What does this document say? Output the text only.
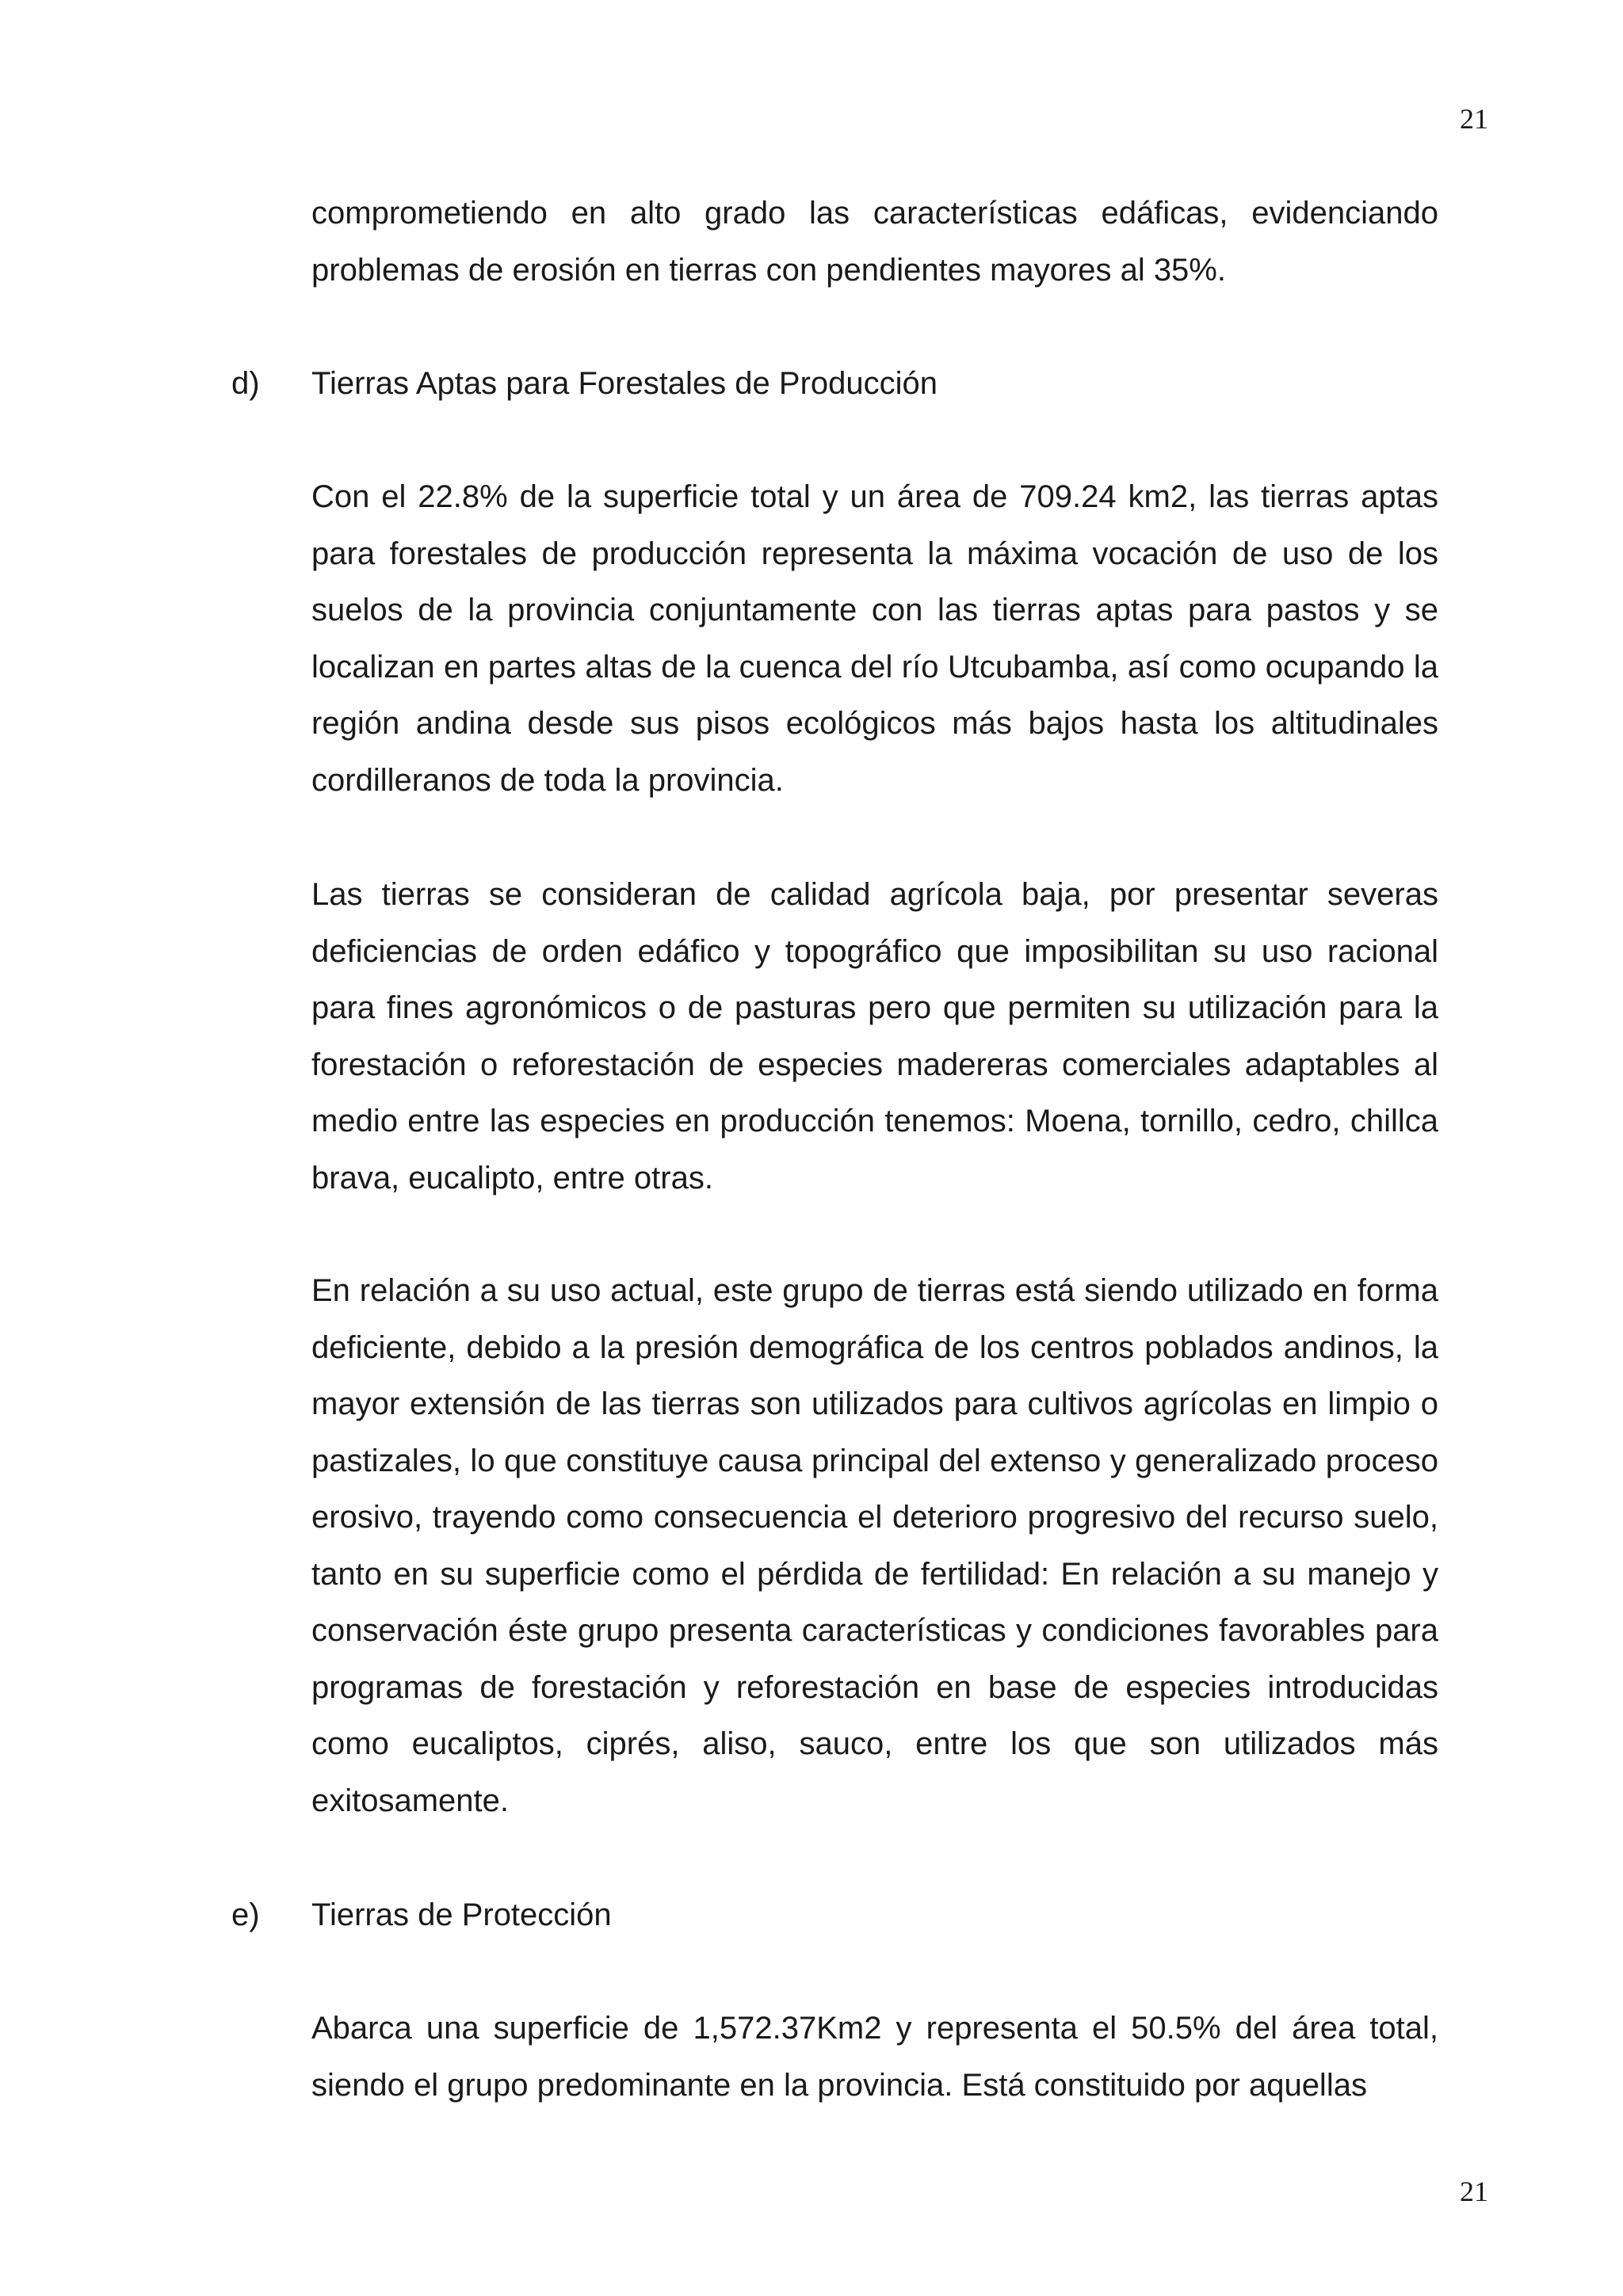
21

comprometiendo en alto grado las características edáficas, evidenciando problemas de erosión en tierras con pendientes mayores al 35%.

d) Tierras Aptas para Forestales de Producción

Con el 22.8% de la superficie total y un área de 709.24 km2, las tierras aptas para forestales de producción representa la máxima vocación de uso de los suelos de la provincia conjuntamente con las tierras aptas para pastos y se localizan en partes altas de la cuenca del río Utcubamba, así como ocupando la región andina desde sus pisos ecológicos más bajos hasta los altitudinales cordilleranos de toda la provincia.

Las tierras se consideran de calidad agrícola baja, por presentar severas deficiencias de orden edáfico y topográfico que imposibilitan su uso racional para fines agronómicos o de pasturas pero que permiten su utilización para la forestación o reforestación de especies madereras comerciales adaptables al medio entre las especies en producción tenemos: Moena, tornillo, cedro, chillca brava, eucalipto, entre otras.

En relación a su uso actual, este grupo de tierras está siendo utilizado en forma deficiente, debido a la presión demográfica de los centros poblados andinos, la mayor extensión de las tierras son utilizados para cultivos agrícolas en limpio o pastizales, lo que constituye causa principal del extenso y generalizado proceso erosivo, trayendo como consecuencia el deterioro progresivo del recurso suelo, tanto en su superficie como el pérdida de fertilidad: En relación a su manejo y conservación éste grupo presenta características y condiciones favorables para programas de forestación y reforestación en base de especies introducidas como eucaliptos, ciprés, aliso, sauco, entre los que son utilizados más exitosamente.

e) Tierras de Protección

Abarca una superficie de 1,572.37Km2 y representa el 50.5% del área total, siendo el grupo predominante en la provincia. Está constituido por aquellas

21
